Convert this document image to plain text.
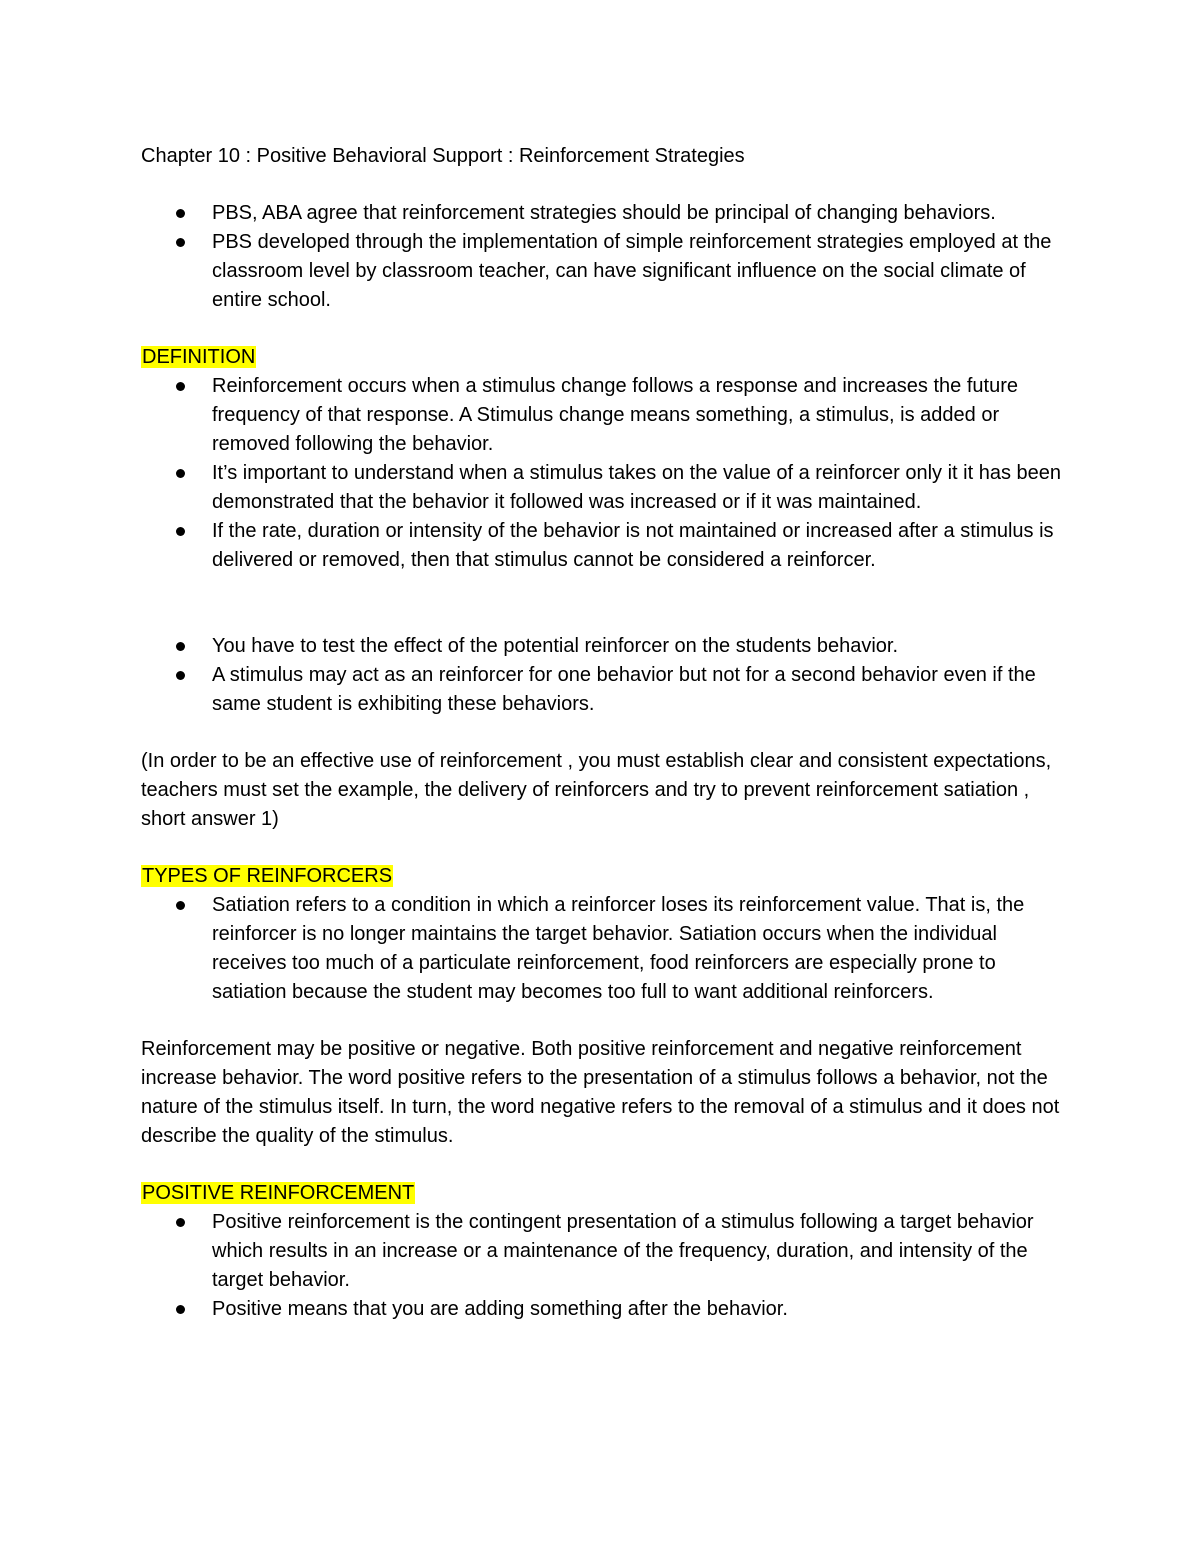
Chapter 10 : Positive Behavioral Support : Reinforcement Strategies

PBS, ABA agree that reinforcement strategies should be principal of changing behaviors.
PBS developed through the implementation of simple reinforcement strategies employed at the classroom level by classroom teacher, can have significant influence on the social climate of entire school.

DEFINITION

Reinforcement occurs when a stimulus change follows a response and increases the future frequency of that response. A Stimulus change means something, a stimulus, is added or removed following the behavior.
It’s important to understand when a stimulus takes on the value of a reinforcer only it it has been demonstrated that the behavior it followed was increased or if it was maintained.
If the rate, duration or intensity of the behavior is not maintained or increased after a stimulus is delivered or removed, then that stimulus cannot be considered a reinforcer.
You have to test the effect of the potential reinforcer on the students behavior.
A stimulus may act as an reinforcer for one behavior but not for a second behavior even if the same student is exhibiting these behaviors.

(In order to be an effective use of reinforcement , you must establish clear and consistent expectations, teachers must set the example, the delivery of reinforcers and try to prevent reinforcement satiation , short answer 1)

TYPES OF REINFORCERS

Satiation refers to a condition in which a reinforcer loses its reinforcement value. That is, the reinforcer is no longer maintains the target behavior. Satiation occurs when the individual receives too much of a particulate reinforcement, food reinforcers are especially prone to satiation because the student may becomes too full to want additional reinforcers.

Reinforcement may be positive or negative. Both positive reinforcement and negative reinforcement increase behavior. The word positive refers to the presentation of a stimulus follows a behavior, not the nature of the stimulus itself. In turn, the word negative refers to the removal of a stimulus and it does not describe the quality of the stimulus.

POSITIVE REINFORCEMENT

Positive reinforcement is the contingent presentation of a stimulus following a target behavior which results in an increase or a maintenance of the frequency, duration, and intensity of the target behavior.
Positive means that you are adding something after the behavior.
